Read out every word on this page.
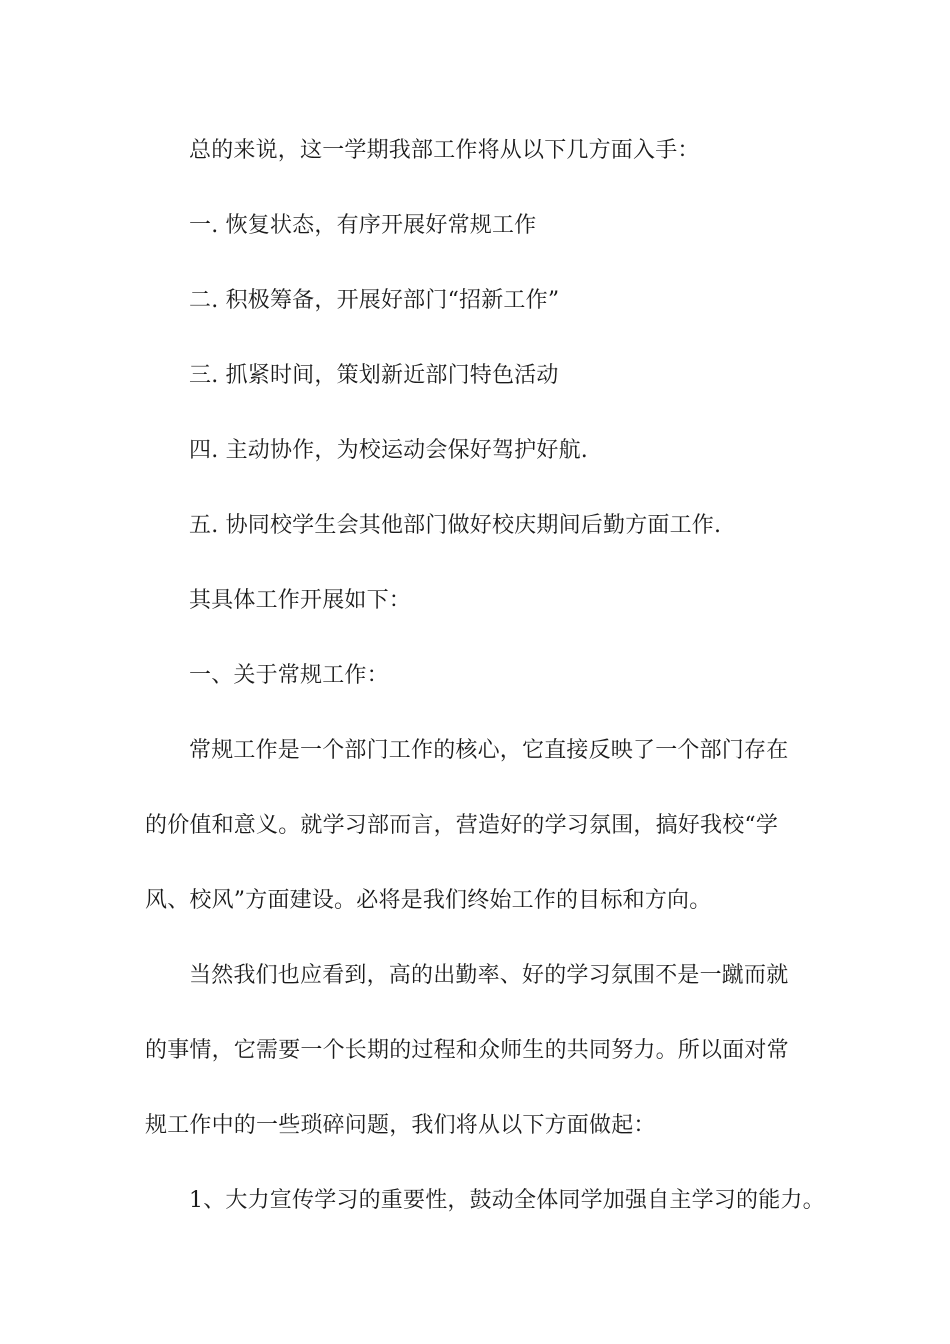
总的来说，这一学期我部工作将从以下几方面入手：
一. 恢复状态，有序开展好常规工作
二. 积极筹备，开展好部门“招新工作”
三. 抓紧时间，策划新近部门特色活动
四. 主动协作，为校运动会保好驾护好航.
五. 协同校学生会其他部门做好校庆期间后勤方面工作.
其具体工作开展如下：
一、关于常规工作：
常规工作是一个部门工作的核心，它直接反映了一个部门存在
的价值和意义。就学习部而言，营造好的学习氛围，搞好我校“学
风、校风”方面建设。必将是我们终始工作的目标和方向。
当然我们也应看到，高的出勤率、好的学习氛围不是一蹴而就
的事情，它需要一个长期的过程和众师生的共同努力。所以面对常
规工作中的一些琐碎问题，我们将从以下方面做起：
1、大力宣传学习的重要性，鼓动全体同学加强自主学习的能力。
